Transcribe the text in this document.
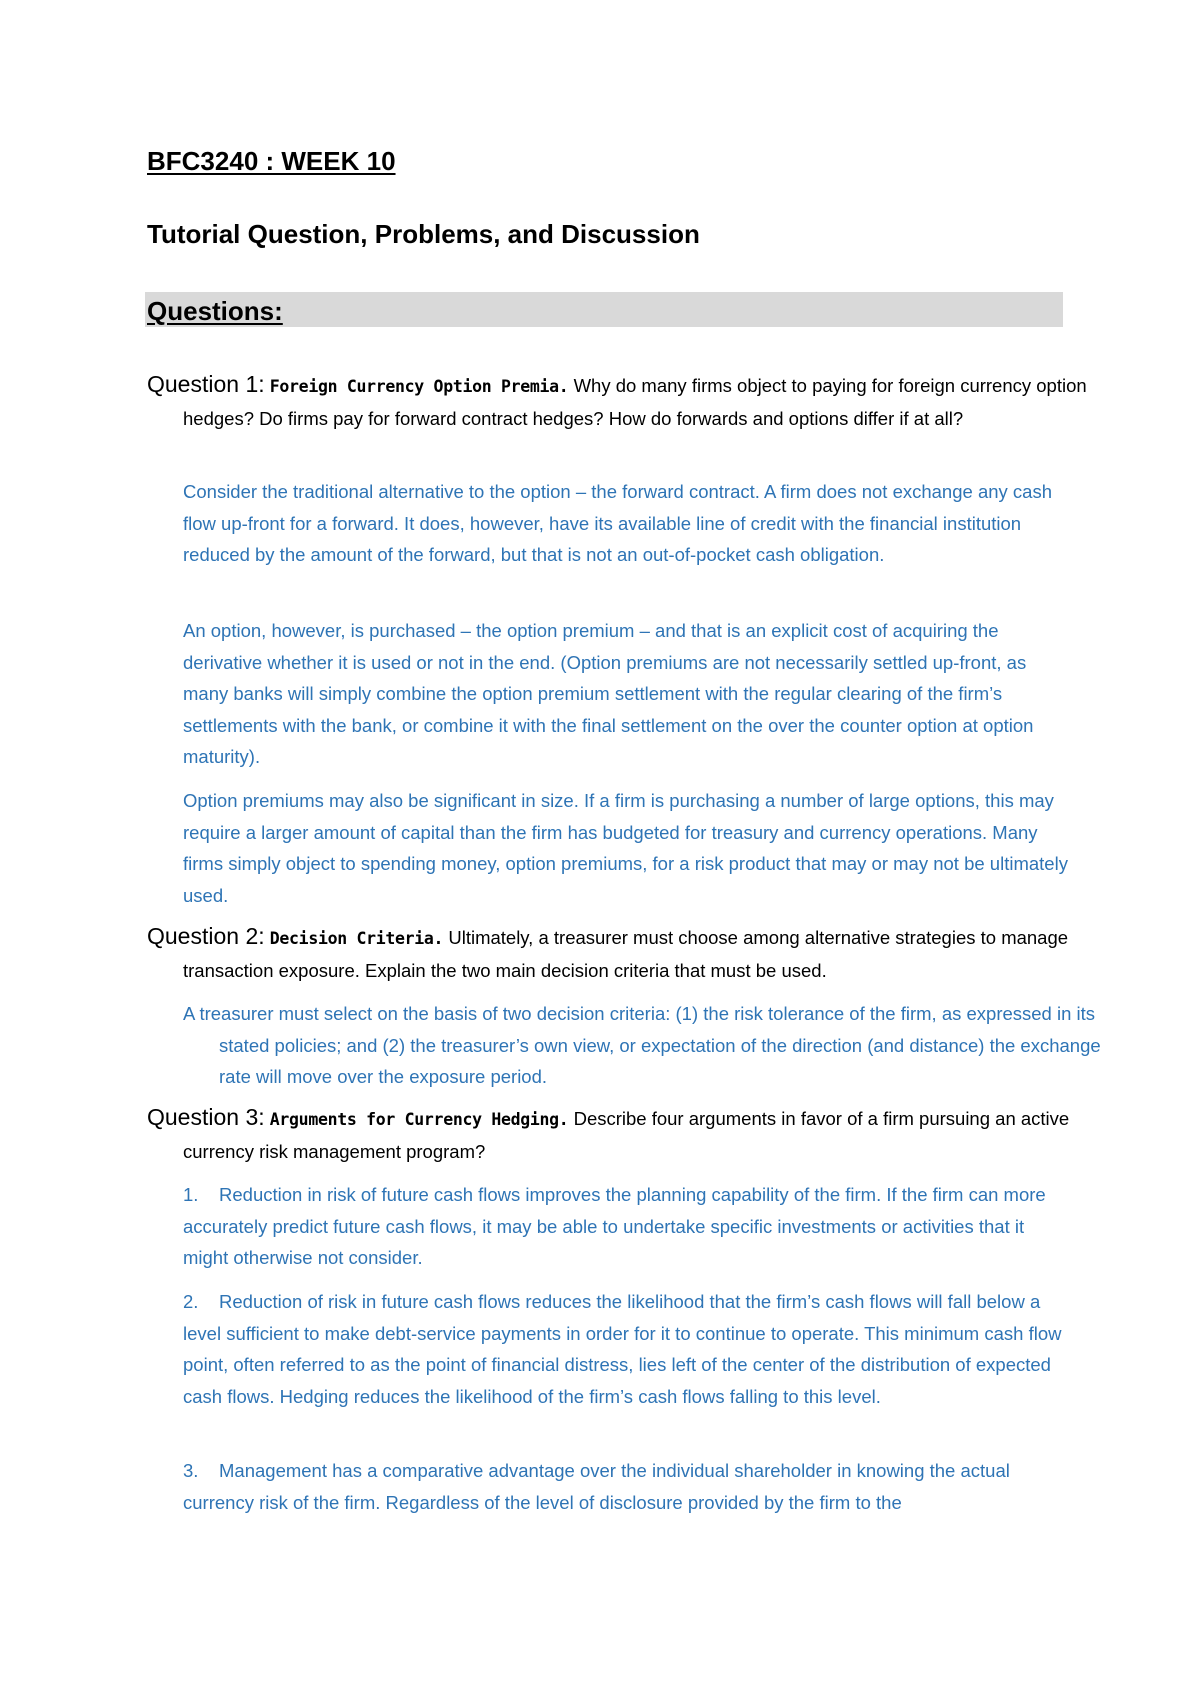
BFC3240 : WEEK 10
Tutorial Question, Problems, and Discussion
Questions:

Question 1: Foreign Currency Option Premia. Why do many firms object to paying for foreign currency option hedges? Do firms pay for forward contract hedges? How do forwards and options differ if at all?

Consider the traditional alternative to the option – the forward contract. A firm does not exchange any cash flow up-front for a forward. It does, however, have its available line of credit with the financial institution reduced by the amount of the forward, but that is not an out-of-pocket cash obligation.

An option, however, is purchased – the option premium – and that is an explicit cost of acquiring the derivative whether it is used or not in the end. (Option premiums are not necessarily settled up-front, as many banks will simply combine the option premium settlement with the regular clearing of the firm’s settlements with the bank, or combine it with the final settlement on the over the counter option at option maturity).

Option premiums may also be significant in size. If a firm is purchasing a number of large options, this may require a larger amount of capital than the firm has budgeted for treasury and currency operations. Many firms simply object to spending money, option premiums, for a risk product that may or may not be ultimately used.

Question 2: Decision Criteria. Ultimately, a treasurer must choose among alternative strategies to manage transaction exposure. Explain the two main decision criteria that must be used.

A treasurer must select on the basis of two decision criteria: (1) the risk tolerance of the firm, as expressed in its stated policies; and (2) the treasurer’s own view, or expectation of the direction (and distance) the exchange rate will move over the exposure period.

Question 3: Arguments for Currency Hedging. Describe four arguments in favor of a firm pursuing an active currency risk management program?

1. Reduction in risk of future cash flows improves the planning capability of the firm. If the firm can more accurately predict future cash flows, it may be able to undertake specific investments or activities that it might otherwise not consider.

2. Reduction of risk in future cash flows reduces the likelihood that the firm’s cash flows will fall below a level sufficient to make debt-service payments in order for it to continue to operate. This minimum cash flow point, often referred to as the point of financial distress, lies left of the center of the distribution of expected cash flows. Hedging reduces the likelihood of the firm’s cash flows falling to this level.

3. Management has a comparative advantage over the individual shareholder in knowing the actual currency risk of the firm. Regardless of the level of disclosure provided by the firm to the
